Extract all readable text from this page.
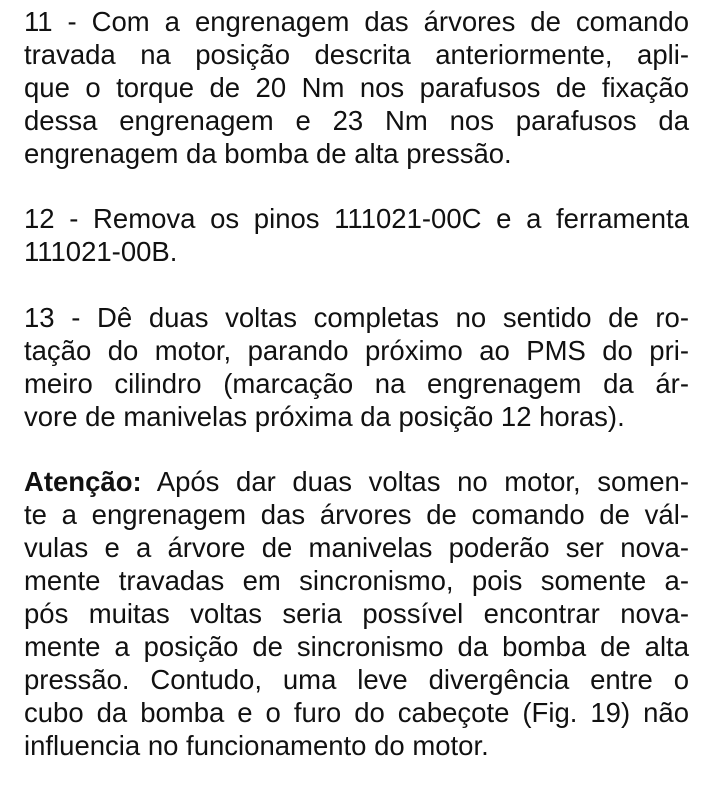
11 - Com a engrenagem das árvores de comando
travada na posição descrita anteriormente, apli-
que o torque de 20 Nm nos parafusos de fixação
dessa engrenagem e 23 Nm nos parafusos da
engrenagem da bomba de alta pressão.
12 - Remova os pinos 111021-00C e a ferramenta
111021-00B.
13 - Dê duas voltas completas no sentido de ro-
tação do motor, parando próximo ao PMS do pri-
meiro cilindro (marcação na engrenagem da ár-
vore de manivelas próxima da posição 12 horas).
Atenção: Após dar duas voltas no motor, somen-
te a engrenagem das árvores de comando de vál-
vulas e a árvore de manivelas poderão ser nova-
mente travadas em sincronismo, pois somente a-
pós muitas voltas seria possível encontrar nova-
mente a posição de sincronismo da bomba de alta
pressão. Contudo, uma leve divergência entre o
cubo da bomba e o furo do cabeçote (Fig. 19) não
influencia no funcionamento do motor.
